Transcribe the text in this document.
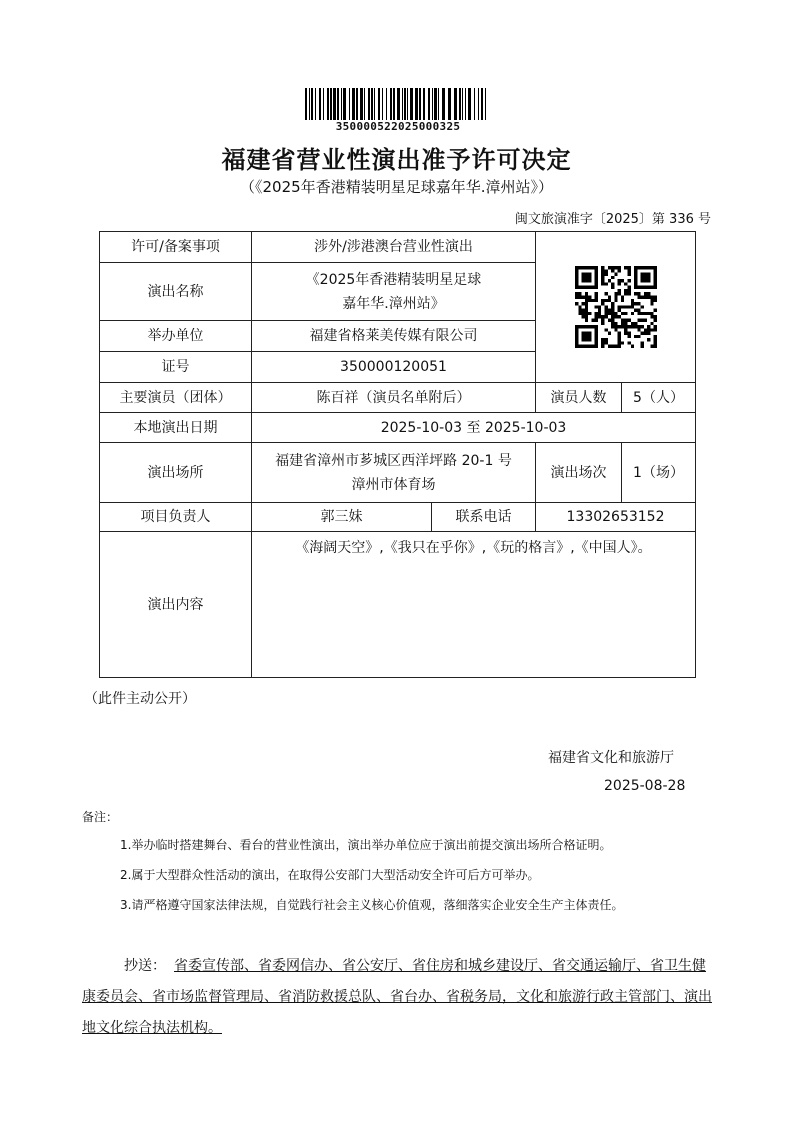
350000522025000325
福建省营业性演出准予许可决定
（《2025年香港精装明星足球嘉年华.漳州站》）
闽文旅演准字〔2025〕第 336 号
许可/备案事项	涉外/涉港澳台营业性演出	

演出名称	《2025年香港精装明星足球
嘉年华.漳州站》			

举办单位	福建省格莱美传媒有限公司			
证号	350000120051			
主要演员（团体）	陈百祥（演员名单附后）		演员人数	5（人）
本地演出日期	2025-10-03 至 2025-10-03			
演出场所	福建省漳州市芗城区西洋坪路 20-1 号
漳州市体育场		演出场次	1（场）
项目负责人	郭三妹	联系电话	13302653152	
演出内容	《海阔天空》,《我只在乎你》,《玩的格言》,《中国人》。			
（此件主动公开）
福建省文化和旅游厅
2025-08-28
备注：
1.举办临时搭建舞台、看台的营业性演出，演出举办单位应于演出前提交演出场所合格证明。
2.属于大型群众性活动的演出，在取得公安部门大型活动安全许可后方可举办。
3.请严格遵守国家法律法规，自觉践行社会主义核心价值观，落细落实企业安全生产主体责任。
抄送： 省委宣传部、省委网信办、省公安厅、省住房和城乡建设厅、省交通运输厅、省卫生健康委员会、省市场监督管理局、省消防救援总队、省台办、省税务局，文化和旅游行政主管部门、演出地文化综合执法机构。
